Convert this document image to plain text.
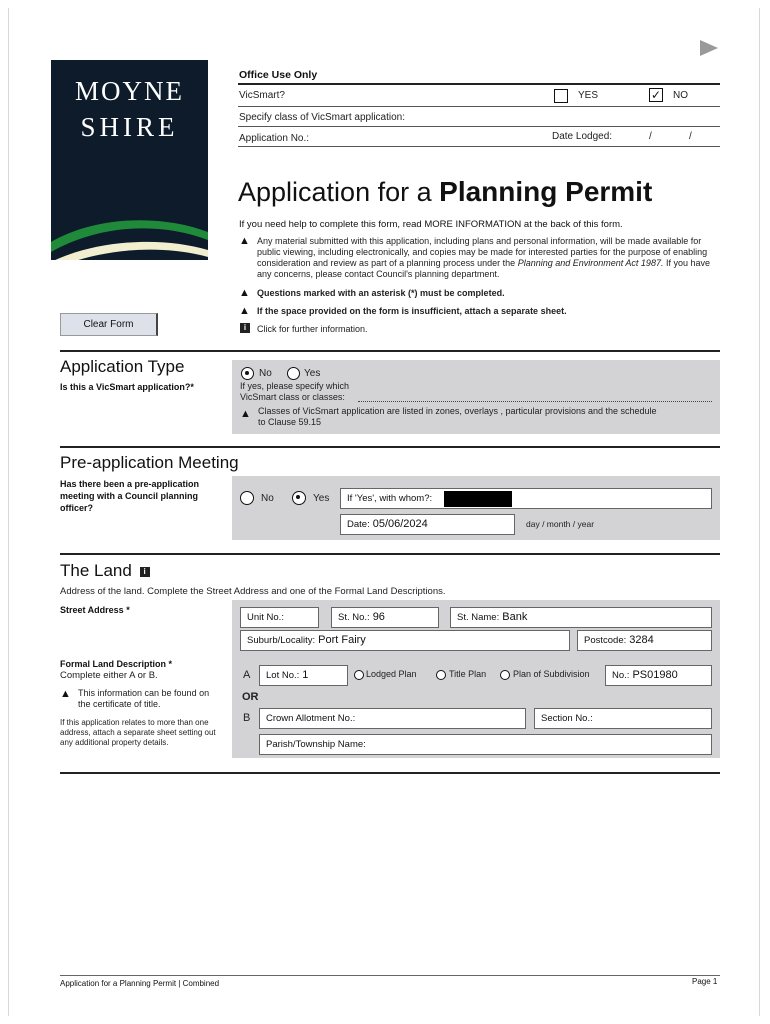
MOYNE
SHIRE
Office Use Only
VicSmart?	YES	✓ NO
Specify class of VicSmart application:
Application No.:	Date Lodged:	/	/
Application for a Planning Permit
If you need help to complete this form, read MORE INFORMATION at the back of this form.
▲ Any material submitted with this application, including plans and personal information, will be made available for public viewing, including electronically, and copies may be made for interested parties for the purpose of enabling consideration and review as part of a planning process under the Planning and Environment Act 1987. If you have any concerns, please contact Council's planning department.
▲ Questions marked with an asterisk (*) must be completed.
▲ If the space provided on the form is insufficient, attach a separate sheet.
i	Click for further information.
Clear Form
Application Type
Is this a VicSmart application?*
No	Yes
If yes, please specify which
VicSmart class or classes:
▲ Classes of VicSmart application are listed in zones, overlays , particular provisions and the schedule to Clause 59.15
Pre-application Meeting
Has there been a pre-application meeting with a Council planning officer?
No	Yes	If 'Yes', with whom?:
Date: 05/06/2024	day / month / year
The Land i
Address of the land. Complete the Street Address and one of the Formal Land Descriptions.
Street Address *
Unit No.:	St. No.: 96	St. Name: Bank
Suburb/Locality: Port Fairy	Postcode: 3284
Formal Land Description *
Complete either A or B.
▲ This information can be found on the certificate of title.
If this application relates to more than one address, attach a separate sheet setting out any additional property details.
A	Lot No.: 1	Lodged Plan	Title Plan	Plan of Subdivision	No.: PS01980
OR
B	Crown Allotment No.:	Section No.:
Parish/Township Name:
Application for a Planning Permit | Combined	Page 1
